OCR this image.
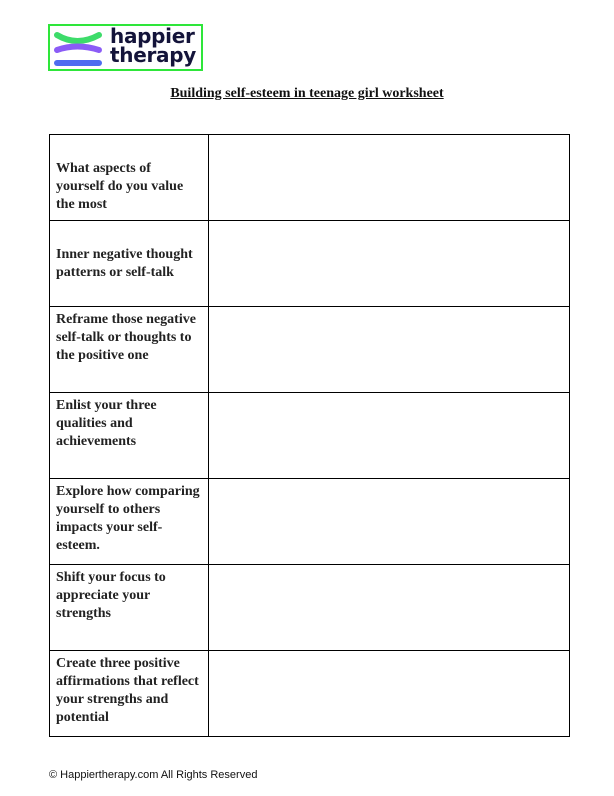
happier
therapy
Building self-esteem in teenage girl worksheet
What aspects of yourself do you value the most	
Inner negative thought patterns or self-talk	
Reframe those negative self-talk or thoughts to the positive one	
Enlist your three qualities and achievements	
Explore how comparing yourself to others impacts your self-esteem.	
Shift your focus to appreciate your strengths	
Create three positive affirmations that reflect your strengths and potential	
© Happiertherapy.com All Rights Reserved
